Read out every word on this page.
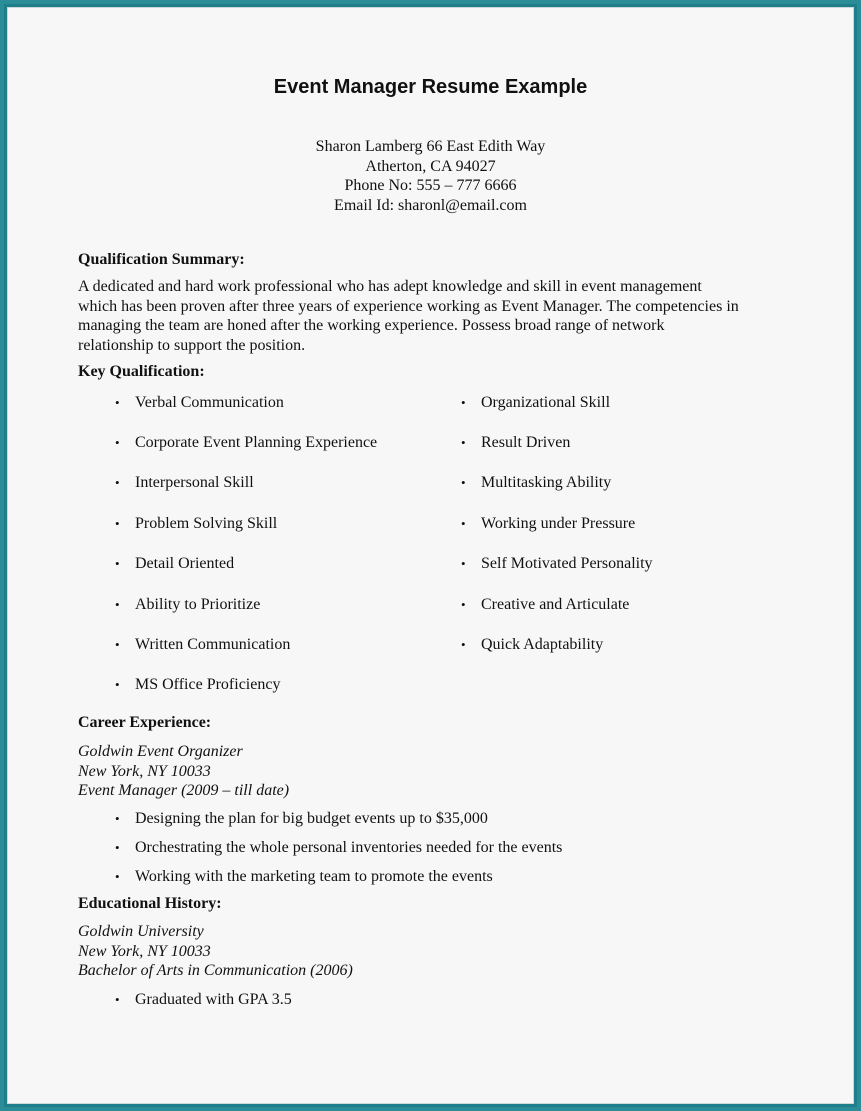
Event Manager Resume Example
Sharon Lamberg 66 East Edith Way
Atherton, CA 94027
Phone No: 555 – 777 6666
Email Id: sharonl@email.com
Qualification Summary:
A dedicated and hard work professional who has adept knowledge and skill in event management
which has been proven after three years of experience working as Event Manager. The competencies in
managing the team are honed after the working experience. Possess broad range of network
relationship to support the position.
Key Qualification:
• Verbal Communication
• Corporate Event Planning Experience
• Interpersonal Skill
• Problem Solving Skill
• Detail Oriented
• Ability to Prioritize
• Written Communication
• MS Office Proficiency
• Organizational Skill
• Result Driven
• Multitasking Ability
• Working under Pressure
• Self Motivated Personality
• Creative and Articulate
• Quick Adaptability
Career Experience:
Goldwin Event Organizer
New York, NY 10033
Event Manager (2009 – till date)
• Designing the plan for big budget events up to $35,000
• Orchestrating the whole personal inventories needed for the events
• Working with the marketing team to promote the events
Educational History:
Goldwin University
New York, NY 10033
Bachelor of Arts in Communication (2006)
• Graduated with GPA 3.5
